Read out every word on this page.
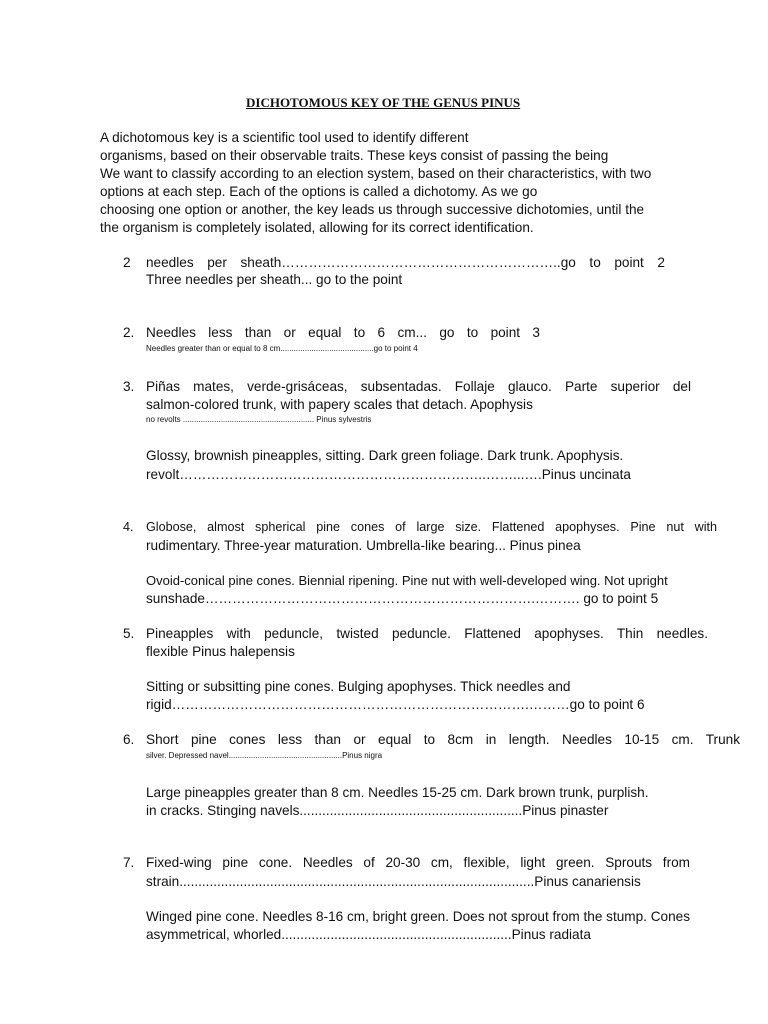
DICHOTOMOUS KEY OF THE GENUS PINUS
A dichotomous key is a scientific tool used to identify different
organisms, based on their observable traits. These keys consist of passing the being
We want to classify according to an election system, based on their characteristics, with two
options at each step. Each of the options is called a dichotomy. As we go
choosing one option or another, the key leads us through successive dichotomies, until the
the organism is completely isolated, allowing for its correct identification.
2 needles per sheath……………………………………………………..go to point 2
Three needles per sheath... go to the point
2. Needles less than or equal to 6 cm... go to point 3
Needles greater than or equal to 8 cm..........................................go to point 4
3. Piñas mates, verde-grisáceas, subsentadas. Follaje glauco. Parte superior del
salmon-colored trunk, with papery scales that detach. Apophysis
no revolts ........................................................... Pinus sylvestris
Glossy, brownish pineapples, sitting. Dark green foliage. Dark trunk. Apophysis.
revolt…………………………………………………………..……...….Pinus uncinata
4. Globose, almost spherical pine cones of large size. Flattened apophyses. Pine nut with
rudimentary. Three-year maturation. Umbrella-like bearing... Pinus pinea
Ovoid-conical pine cones. Biennial ripening. Pine nut with well-developed wing. Not upright
sunshade……………………………………………………………….………. go to point 5
5. Pineapples with peduncle, twisted peduncle. Flattened apophyses. Thin needles.
flexible Pinus halepensis
Sitting or subsitting pine cones. Bulging apophyses. Thick needles and
rigid…………………………………………………………………….………go to point 6
6. Short pine cones less than or equal to 8cm in length. Needles 10-15 cm. Trunk
silver. Depressed navel...................................................Pinus nigra
Large pineapples greater than 8 cm. Needles 15-25 cm. Dark brown trunk, purplish.
in cracks. Stinging navels...........................................................Pinus pinaster
7. Fixed-wing pine cone. Needles of 20-30 cm, flexible, light green. Sprouts from
strain..............................................................................................Pinus canariensis
Winged pine cone. Needles 8-16 cm, bright green. Does not sprout from the stump. Cones
asymmetrical, whorled.............................................................Pinus radiata
